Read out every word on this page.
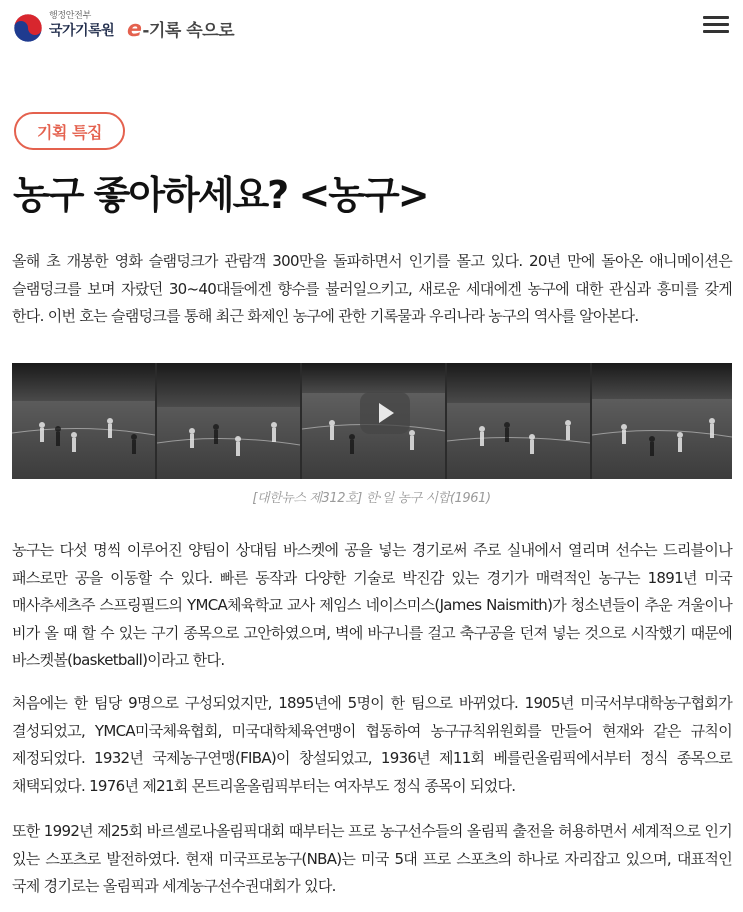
행정안전부
국가기록원 e-기록 속으로
기획 특집
농구 좋아하세요? <농구>

올해 초 개봉한 영화 슬램덩크가 관람객 300만을 돌파하면서 인기를 몰고 있다. 20년 만에 돌아온 애니메이션은 슬램덩크를 보며 자랐던 30~40대들에겐 향수를 불러일으키고, 새로운 세대에겐 농구에 대한 관심과 흥미를 갖게 한다. 이번 호는 슬램덩크를 통해 최근 화제인 농구에 관한 기록물과 우리나라 농구의 역사를 알아본다.

[대한뉴스 제312호] 한·일 농구 시합(1961)

농구는 다섯 명씩 이루어진 양팀이 상대팀 바스켓에 공을 넣는 경기로써 주로 실내에서 열리며 선수는 드리블이나 패스로만 공을 이동할 수 있다. 빠른 동작과 다양한 기술로 박진감 있는 경기가 매력적인 농구는 1891년 미국 매사추세츠주 스프링필드의 YMCA체육학교 교사 제임스 네이스미스(James Naismith)가 청소년들이 추운 겨울이나 비가 올 때 할 수 있는 구기 종목으로 고안하였으며, 벽에 바구니를 걸고 축구공을 던져 넣는 것으로 시작했기 때문에 바스켓볼(basketball)이라고 한다.

처음에는 한 팀당 9명으로 구성되었지만, 1895년에 5명이 한 팀으로 바뀌었다. 1905년 미국서부대학농구협회가 결성되었고, YMCA미국체육협회, 미국대학체육연맹이 협동하여 농구규칙위원회를 만들어 현재와 같은 규칙이 제정되었다. 1932년 국제농구연맹(FIBA)이 창설되었고, 1936년 제11회 베를린올림픽에서부터 정식 종목으로 채택되었다. 1976년 제21회 몬트리올올림픽부터는 여자부도 정식 종목이 되었다.

또한 1992년 제25회 바르셀로나올림픽대회 때부터는 프로 농구선수들의 올림픽 출전을 허용하면서 세계적으로 인기 있는 스포츠로 발전하였다. 현재 미국프로농구(NBA)는 미국 5대 프로 스포츠의 하나로 자리잡고 있으며, 대표적인 국제 경기로는 올림픽과 세계농구선수권대회가 있다.
